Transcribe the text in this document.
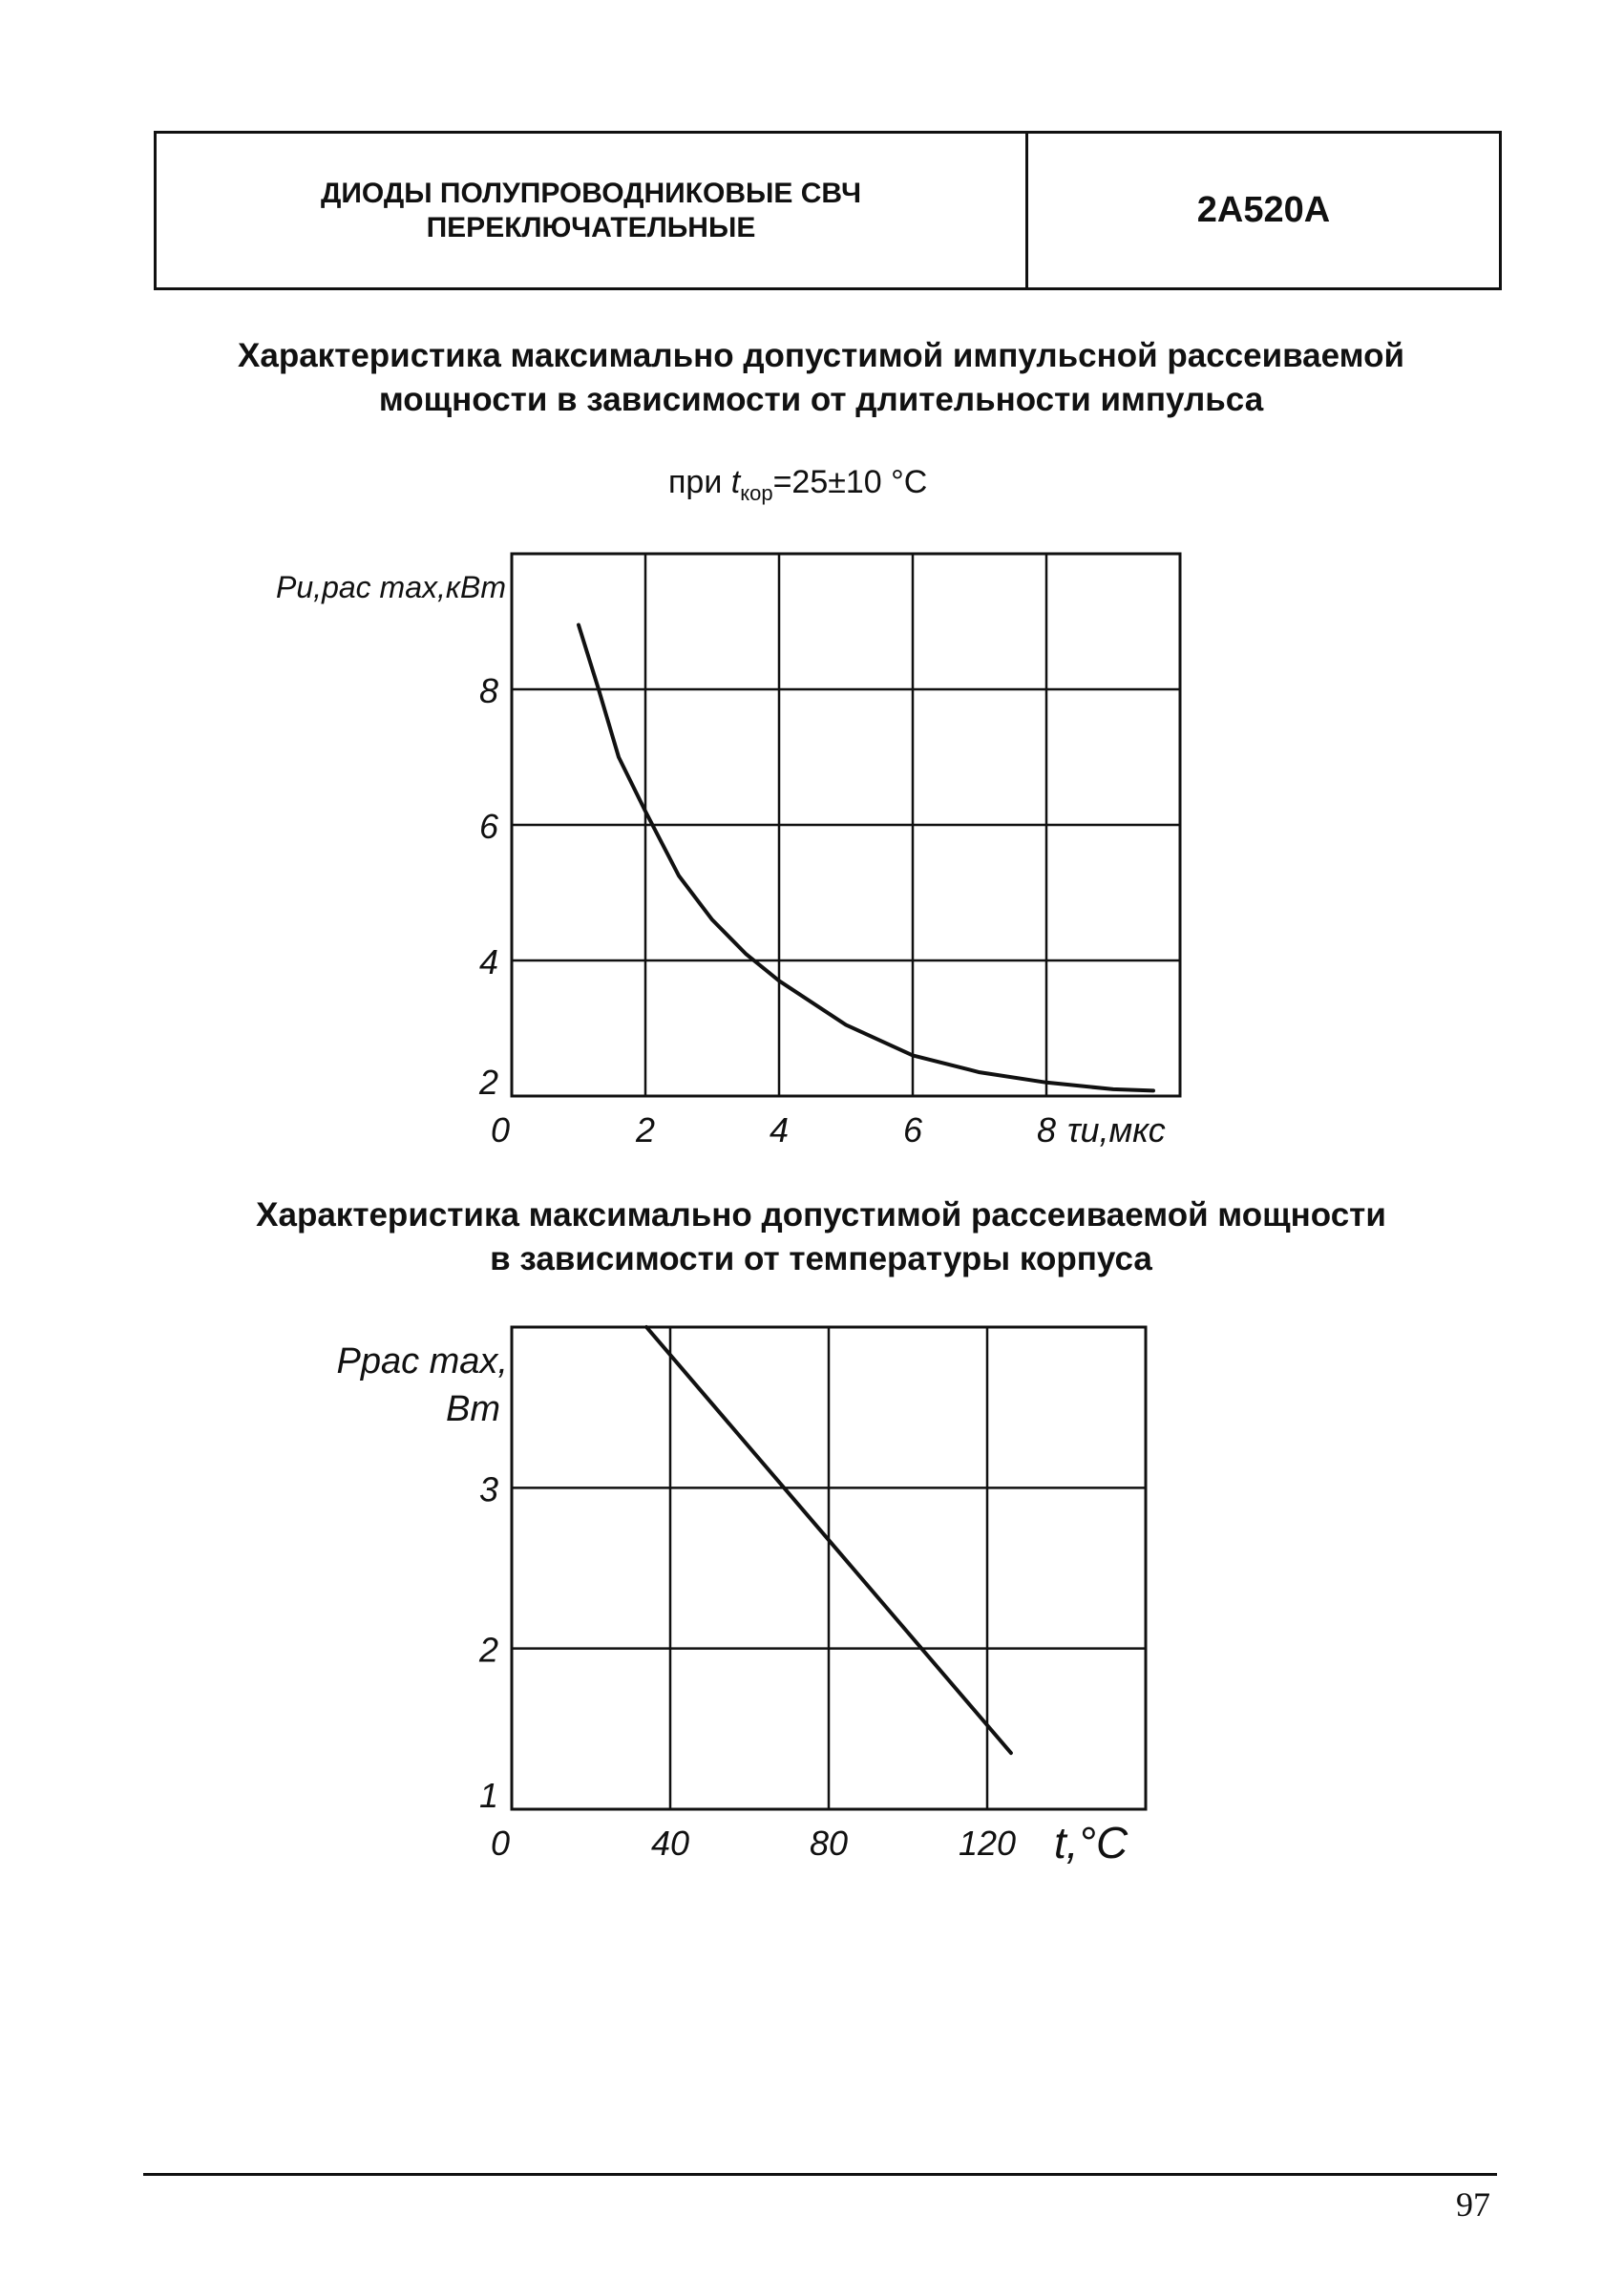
ДИОДЫ ПОЛУПРОВОДНИКОВЫЕ СВЧ
ПЕРЕКЛЮЧАТЕЛЬНЫЕ	2А520А
Характеристика максимально допустимой импульсной рассеиваемой
мощности в зависимости от длительности импульса
при $t_{кор}=25\pm 10$ °С
Характеристика максимально допустимой рассеиваемой мощности
в зависимости от температуры корпуса
0	2	4	6	8
2
4
6
8
Pи,рас max,кВт
τи,мкс
0	40	80	120
1
2
3
Pрас max,
Вт
t,°С
97
